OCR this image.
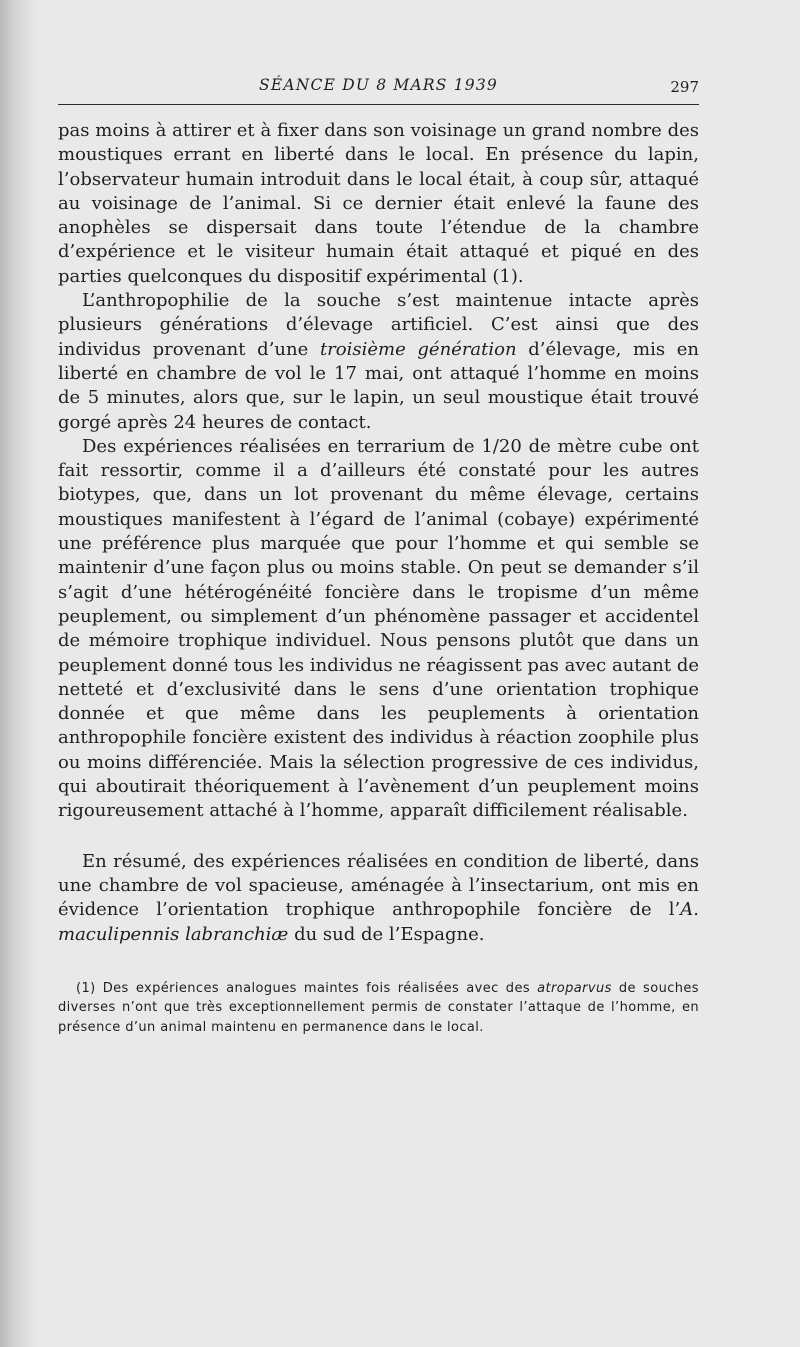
SÉANCE DU 8 MARS 1939	297

pas moins à attirer et à fixer dans son voisinage un grand nombre des moustiques errant en liberté dans le local. En présence du lapin, l’observateur humain introduit dans le local était, à coup sûr, attaqué au voisinage de l’animal. Si ce dernier était enlevé la faune des anophèles se dispersait dans toute l’étendue de la chambre d’expérience et le visiteur humain était attaqué et piqué en des parties quelconques du dispositif expérimental (1).

L’anthropophilie de la souche s’est maintenue intacte après plusieurs générations d’élevage artificiel. C’est ainsi que des individus provenant d’une troisième génération d’élevage, mis en liberté en chambre de vol le 17 mai, ont attaqué l’homme en moins de 5 minutes, alors que, sur le lapin, un seul moustique était trouvé gorgé après 24 heures de contact.

Des expériences réalisées en terrarium de 1/20 de mètre cube ont fait ressortir, comme il a d’ailleurs été constaté pour les autres biotypes, que, dans un lot provenant du même élevage, certains moustiques manifestent à l’égard de l’animal (cobaye) expérimenté une préférence plus marquée que pour l’homme et qui semble se maintenir d’une façon plus ou moins stable. On peut se demander s’il s’agit d’une hétérogénéité foncière dans le tropisme d’un même peuplement, ou simplement d’un phénomène passager et accidentel de mémoire trophique individuel. Nous pensons plutôt que dans un peuplement donné tous les individus ne réagissent pas avec autant de netteté et d’exclusivité dans le sens d’une orientation trophique donnée et que même dans les peuplements à orientation anthropophile foncière existent des individus à réaction zoophile plus ou moins différenciée. Mais la sélection progressive de ces individus, qui aboutirait théoriquement à l’avènement d’un peuplement moins rigoureusement attaché à l’homme, apparaît difficilement réalisable.

En résumé, des expériences réalisées en condition de liberté, dans une chambre de vol spacieuse, aménagée à l’insectarium, ont mis en évidence l’orientation trophique anthropophile foncière de l’A. maculipennis labranchiæ du sud de l’Espagne.

(1) Des expériences analogues maintes fois réalisées avec des atroparvus de souches diverses n’ont que très exceptionnellement permis de constater l’attaque de l’homme, en présence d’un animal maintenu en permanence dans le local.
